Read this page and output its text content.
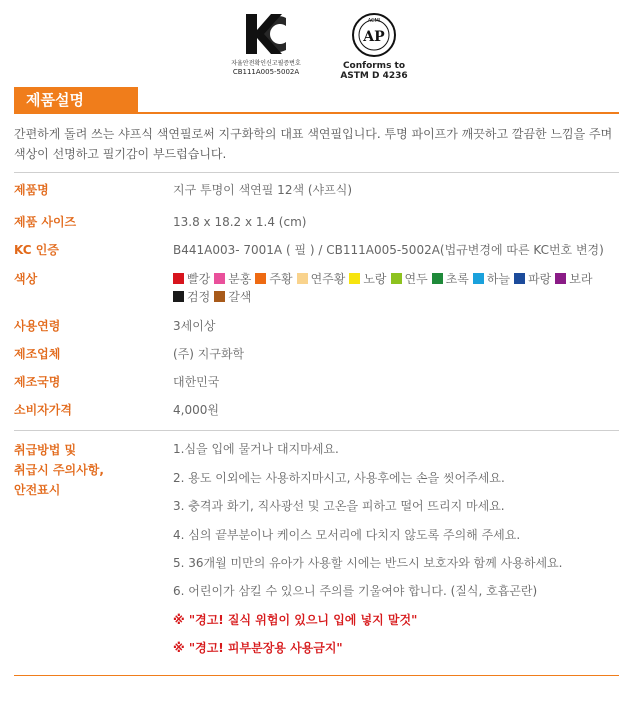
자율안전확인신고필증번호
CB111A005-5002A
ACMI
AP
Conforms to
ASTM D 4236
제품설명
간편하게 돌려 쓰는 샤프식 색연필로써 지구화학의 대표 색연필입니다. 투명 파이프가 깨끗하고 깔끔한 느낌을 주며 색상이 선명하고 필기감이 부드럽습니다.
제품명	지구 투명이 색연필 12색 (샤프식)
제품 사이즈	13.8 x 18.2 x 1.4 (cm)
KC 인증	B441A003- 7001A ( 필 ) / CB111A005-5002A(법규변경에 따른 KC번호 변경)
색상	빨강 분홍 주황 연주황 노랑 연두 초록 하늘 파랑 보라검정 갈색
사용연령	3세이상
제조업체	(주) 지구화학
제조국명	대한민국
소비자가격	4,000원
취급방법 및
취급시 주의사항,
안전표시
1.심을 입에 물거나 대지마세요.
2. 용도 이외에는 사용하지마시고, 사용후에는 손을 씻어주세요.
3. 충격과 화기, 직사광선 및 고온을 피하고 떨어 뜨리지 마세요.
4. 심의 끝부분이나 케이스 모서리에 다치지 않도록 주의해 주세요.
5. 36개월 미만의 유아가 사용할 시에는 반드시 보호자와 함께 사용하세요.
6. 어린이가 삼킬 수 있으니 주의를 기울여야 합니다. (질식, 호흡곤란)
※ "경고! 질식 위험이 있으니 입에 넣지 말것"
※ "경고! 피부분장용 사용금지"
